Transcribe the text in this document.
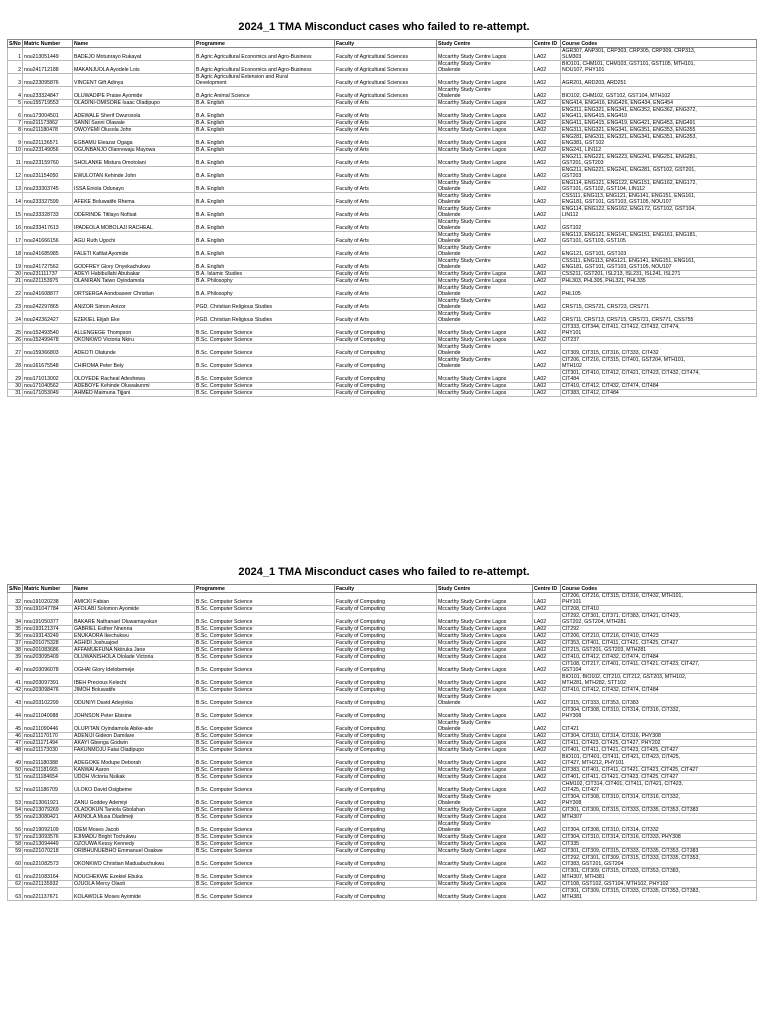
2024_1 TMA Misconduct cases who failed to re-attempt.
S/No	Matric Number	Name	Programme	Faculty	Study Centre	Centre ID	Course Codes
1	nou213051449	BADEJO Motunrayo Rukayat	B.Agric Agricultural Economics and Agro-Business	Faculty of Agricultural Sciences	Mccarthy Study Centre Lagos	LA02	AGR307, ANP301, CRP303, CRP305, CRP309, CRP313,
SLM303

2	nou241712188	MAKANJUOLA Ayodele Lois	B.Agric Agricultural Economics and Agro-Business	Faculty of Agricultural Sciences	Mccarthy Study Centre
Obalende	LA02	BIO101, CHM101, CHM103, GST101, GST105, MTH101,
NOU107, PHY101

3	nou223095876	VINCENT Gift Adinya	B.Agric Agricultural Extension and Rural
Development	Faculty of Agricultural Sciences	Mccarthy Study Centre Lagos	LA02	AGR201, ARD203, ARD251
4	nou233324847	OLUWADIPE Praise Ayomide	B.Agric Animal Science	Faculty of Agricultural Sciences	Mccarthy Study Centre
Obalende	LA02	BIO102, CHM102, GST102, GST104, MTH102
5	nou155719553	OLADINI-OMISORE Isaac Oladipupo	B.A. English	Faculty of Arts	Mccarthy Study Centre Lagos	LA02	ENG414, ENG416, ENG426, ENG434, ENG454
6	nou173004501	ADEWALE Sherif Owurosola	B.A. English	Faculty of Arts	Mccarthy Study Centre Lagos	LA02	ENG311, ENG321, ENG341, ENG352, ENG362, ENG372,
ENG411, ENG415, ENG419

7	nou211173862	SANNI Sanni Olawale	B.A. English	Faculty of Arts	Mccarthy Study Centre Lagos	LA02	ENG411, ENG415, ENG419, ENG421, ENG453, ENG491
8	nou211180478	OWOYEMI Olusola John	B.A. English	Faculty of Arts	Mccarthy Study Centre Lagos	LA02	ENG311, ENG321, ENG341, ENG351, ENG353, ENG355
9	nou221136571	EGBAMU Eleazar Ogaga	B.A. English	Faculty of Arts	Mccarthy Study Centre Lagos	LA02	ENG281, ENG311, ENG321, ENG341, ENG351, ENG353,
ENG381, GST102

10	nou223149056	OGUNBANJO Olanrewaju Mayowa	B.A. English	Faculty of Arts	Mccarthy Study Centre Lagos	LA02	ENG241, LIN112
11	nou223159760	SHOLANKE Mistura Omotolani	B.A. English	Faculty of Arts	Mccarthy Study Centre Lagos	LA02	ENG211, ENG221, ENG223, ENG241, ENG251, ENG281,
GST201, GST203

12	nou231154050	EWULOTAN Kehinde John	B.A. English	Faculty of Arts	Mccarthy Study Centre Lagos	LA02	ENG211, ENG221, ENG241, ENG281, GST102, GST201,
GST203

13	nou233303745	ISSA Eniola Odunayo	B.A. English	Faculty of Arts	Mccarthy Study Centre
Obalende	LA02	ENG114, ENG121, ENG122, ENG151, ENG162, ENG172,
GST101, GST102, GST104, LIN112

14	nou233327599	AFEKE Boluwatife Rhema	B.A. English	Faculty of Arts	Mccarthy Study Centre
Obalende	LA02	CSS111, ENG113, ENG121, ENG141, ENG151, ENG161,
ENG181, GST101, GST103, GST105, NOU107

15	nou233328733	ODERINDE Titilayo Nofisat	B.A. English	Faculty of Arts	Mccarthy Study Centre
Obalende	LA02	ENG114, ENG122, ENG162, ENG172, GST102, GST104,
LIN112

16	nou233417613	IPADEOLA MOBOLAJI RACHEAL	B.A. English	Faculty of Arts	Mccarthy Study Centre
Obalende	LA02	GST102
17	nou241666156	AGU Ruth Ugochi	B.A. English	Faculty of Arts	Mccarthy Study Centre
Obalende	LA02	ENG113, ENG121, ENG141, ENG151, ENG161, ENG181,
GST101, GST103, GST105

18	nou241685985	FALETI Kafilat Ayomide	B.A. English	Faculty of Arts	Mccarthy Study Centre
Obalende	LA02	ENG121, GST101, GST103
19	nou241727562	GODFREY Glory Onyekachukwu	B.A. English	Faculty of Arts	Mccarthy Study Centre
Obalende	LA02	CSS111, ENG113, ENG121, ENG141, ENG151, ENG161,
ENG181, GST101, GST103, GST105, NOU107

20	nou231111737	ADEYI Habibullahi Abubakar	B.A. Islamic Studies	Faculty of Arts	Mccarthy Study Centre Lagos	LA02	CSS211, GST201, ISL213, ISL231, ISL241, ISL271
21	nou221153975	OLANIRAN Taiwo Oyindamola	B.A. Philosophy	Faculty of Arts	Mccarthy Study Centre Lagos	LA02	PHL303, PHL305, PHL321, PHL335
22	nou241608877	ORTSERGA Aondoaseer Christian	B.A. Philosophy	Faculty of Arts	Mccarthy Study Centre
Obalende	LA02	PHL105
23	nou242297865	ANIZOR Simon Anizor	PGD. Christian Religious Studies	Faculty of Arts	Mccarthy Study Centre
Obalende	LA02	CRS715, CRS721, CRS723, CRS771
24	nou242362427	EZEKIEL Elijah Eke	PGD. Christian Religious Studies	Faculty of Arts	Mccarthy Study Centre
Obalende	LA02	CRS711, CRS713, CRS715, CRS721, CRS771, CSS755
25	nou152493540	ALLENGEGE Thompson	B.Sc. Computer Science	Faculty of Computing	Mccarthy Study Centre Lagos	LA02	CIT333, CIT344, CIT411, CIT412, CIT432, CIT474,
PHY101

26	nou152499478	OKONKWO Victoria Nkiru	B.Sc. Computer Science	Faculty of Computing	Mccarthy Study Centre Lagos	LA02	CIT237
27	nou159366803	ADEOTI Olatunde	B.Sc. Computer Science	Faculty of Computing	Mccarthy Study Centre
Obalende	LA02	CIT309, CIT315, CIT316, CIT333, CIT432
28	nou161675548	CHIROMA Peter Bely	B.Sc. Computer Science	Faculty of Computing	Mccarthy Study Centre
Obalende	LA02	CIT206, CIT216, CIT315, CIT401, GST204, MTH101,
MTH102

29	nou171013002	OLOYEDE Racheal Adeshewa	B.Sc. Computer Science	Faculty of Computing	Mccarthy Study Centre Lagos	LA02	CIT301, CIT410, CIT412, CIT421, CIT423, CIT432, CIT474,
CIT484

30	nou171040562	ADEBOYE Kehinde Oluwakunmi	B.Sc. Computer Science	Faculty of Computing	Mccarthy Study Centre Lagos	LA02	CIT410, CIT412, CIT432, CIT474, CIT484
31	nou171053049	AHMED Maimuna Tijjani	B.Sc. Computer Science	Faculty of Computing	Mccarthy Study Centre Lagos	LA02	CIT383, CIT412, CIT484
2024_1 TMA Misconduct cases who failed to re-attempt.
S/No	Matric Number	Name	Programme	Faculty	Study Centre	Centre ID	Course Codes
32	nou191020238	AMICKI Fabian	B.Sc. Computer Science	Faculty of Computing	Mccarthy Study Centre Lagos	LA02	CIT206, CIT216, CIT315, CIT316, CIT432, MTH101,
PHY101

33	nou191047784	AFOLABI Solomon Ayomide	B.Sc. Computer Science	Faculty of Computing	Mccarthy Study Centre Lagos	LA02	CIT208, CIT410
34	nou191050377	BAKARE Nathanael Oluwamayokun	B.Sc. Computer Science	Faculty of Computing	Mccarthy Study Centre Lagos	LA02	CIT292, CIT301, CIT371, CIT383, CIT421, CIT423,
GST202, GST204, MTH281

35	nou193121374	GABRIEL Esther Nnenna	B.Sc. Computer Science	Faculty of Computing	Mccarthy Study Centre Lagos	LA02	CIT292
36	nou193143249	ENUKAORA Ikechukwu	B.Sc. Computer Science	Faculty of Computing	Mccarthy Study Centre Lagos	LA02	CIT206, CIT210, CIT216, CIT410, CIT423
37	nou201075328	AGHIDI Joshuajoel	B.Sc. Computer Science	Faculty of Computing	Mccarthy Study Centre Lagos	LA02	CIT353, CIT401, CIT411, CIT421, CIT425, CIT427
38	nou201083686	AFFAMUEFUNA Nkiiruka Jane	B.Sc. Computer Science	Faculty of Computing	Mccarthy Study Centre Lagos	LA02	CIT215, GST201, GST203, MTH281
39	nou203095409	OLUWANISHOLA Ololade Victoria	B.Sc. Computer Science	Faculty of Computing	Mccarthy Study Centre Lagos	LA02	CIT410, CIT412, CIT432, CIT474, CIT484
40	nou203096078	OGHAI Glory Idelobemeje	B.Sc. Computer Science	Faculty of Computing	Mccarthy Study Centre Lagos	LA02	CIT108, CIT217, CIT401, CIT411, CIT421, CIT423, CIT427,
GST104

41	nou203097391	IBEH Precious Kelechi	B.Sc. Computer Science	Faculty of Computing	Mccarthy Study Centre Lagos	LA02	BIO101, BIO102, CIT210, CIT212, GST203, MTH102,
MTH281, MTH282, STT102

42	nou203098476	JIMOH Boluwatife	B.Sc. Computer Science	Faculty of Computing	Mccarthy Study Centre Lagos	LA02	CIT410, CIT412, CIT432, CIT474, CIT484
43	nou203102299	ODUNIYI David Adeyinka	B.Sc. Computer Science	Faculty of Computing	Mccarthy Study Centre
Obalende	LA02	CIT315, CIT333, CIT353, CIT383
44	nou211040088	JOHNSON Peter Ebisine	B.Sc. Computer Science	Faculty of Computing	Mccarthy Study Centre Lagos	LA02	CIT304, CIT308, CIT310, CIT314, CIT316, CIT332,
PHY308

45	nou211090446	OLUPITAN Oyindamola Abike-ade	B.Sc. Computer Science	Faculty of Computing	Mccarthy Study Centre
Obalende	LA02	CIT421
46	nou211170170	ADENIJI Gideon Damilare	B.Sc. Computer Science	Faculty of Computing	Mccarthy Study Centre Lagos	LA02	CIT304, CIT310, CIT314, CIT316, PHY308
47	nou211171494	AKAYI Gbenga Godwin	B.Sc. Computer Science	Faculty of Computing	Mccarthy Study Centre Lagos	LA02	CIT411, CIT423, CIT425, CIT427, PHY202
48	nou211173030	FAKUNMOJU Fatai Oladipupo	B.Sc. Computer Science	Faculty of Computing	Mccarthy Study Centre Lagos	LA02	CIT401, CIT411, CIT421, CIT423, CIT425, CIT427
49	nou211180388	ADEGOKE Modupe Deborah	B.Sc. Computer Science	Faculty of Computing	Mccarthy Study Centre Lagos	LA02	BIO101, CIT401, CIT411, CIT421, CIT423, CIT425,
CIT427, MTH212, PHY101

50	nou211181665	KANWAI Aaron	B.Sc. Computer Science	Faculty of Computing	Mccarthy Study Centre Lagos	LA02	CIT383, CIT401, CIT411, CIT421, CIT423, CIT425, CIT427
51	nou211184654	UDOH Victoria Nsikak	B.Sc. Computer Science	Faculty of Computing	Mccarthy Study Centre Lagos	LA02	CIT401, CIT411, CIT421, CIT423, CIT425, CIT427
52	nou211186709	ULOKO David Osigbeme	B.Sc. Computer Science	Faculty of Computing	Mccarthy Study Centre Lagos	LA02	CHM102, CIT314, CIT401, CIT411, CIT421, CIT423,
CIT425, CIT427

53	nou213061921	ZANU Goddey Ademiyi	B.Sc. Computer Science	Faculty of Computing	Mccarthy Study Centre
Obalende	LA02	CIT304, CIT308, CIT310, CIT314, CIT316, CIT332,
PHY308

54	nou213079269	OLADOKUN Taniola Gbolahan	B.Sc. Computer Science	Faculty of Computing	Mccarthy Study Centre Lagos	LA02	CIT301, CIT309, CIT315, CIT333, CIT335, CIT353, CIT383
55	nou213080421	AKINOLA Musa Oladimeji	B.Sc. Computer Science	Faculty of Computing	Mccarthy Study Centre Lagos	LA02	MTH307
56	nou219092109	IDEM Moses Jacob	B.Sc. Computer Science	Faculty of Computing	Mccarthy Study Centre
Obalende	LA02	CIT304, CIT308, CIT310, CIT314, CIT332
57	nou213093576	EJIMADU Bright Tochukwu	B.Sc. Computer Science	Faculty of Computing	Mccarthy Study Centre Lagos	LA02	CIT304, CIT310, CIT314, CIT316, CIT333, PHY308
58	nou213094449	OZOUWA Kessy Kennedy	B.Sc. Computer Science	Faculty of Computing	Mccarthy Study Centre Lagos	LA02	CIT335
59	nou221070218	ORIBHUNUEBHO Emmanuel Osakwe	B.Sc. Computer Science	Faculty of Computing	Mccarthy Study Centre Lagos	LA02	CIT301, CIT309, CIT315, CIT333, CIT335, CIT353, CIT383
60	nou221082573	OKONKWO Christian Maduabuchukwu	B.Sc. Computer Science	Faculty of Computing	Mccarthy Study Centre Lagos	LA02	CIT292, CIT301, CIT309, CIT315, CIT333, CIT335, CIT353,
CIT383, GST201, GST204

61	nou221083164	NOUCHEKWE Ezekiel Ebuka	B.Sc. Computer Science	Faculty of Computing	Mccarthy Study Centre Lagos	LA02	CIT301, CIT309, CIT315, CIT333, CIT353, CIT383,
MTH307, MTH381

62	nou221135932	OJUOLA Mercy Olaoti	B.Sc. Computer Science	Faculty of Computing	Mccarthy Study Centre Lagos	LA02	CIT108, GST102, GST104, MTH102, PHY102
63	nou221137671	KOLAWOLE Moses Ayomide	B.Sc. Computer Science	Faculty of Computing	Mccarthy Study Centre Lagos	LA02	CIT301, CIT309, CIT315, CIT333, CIT335, CIT353, CIT383,
MTH381
